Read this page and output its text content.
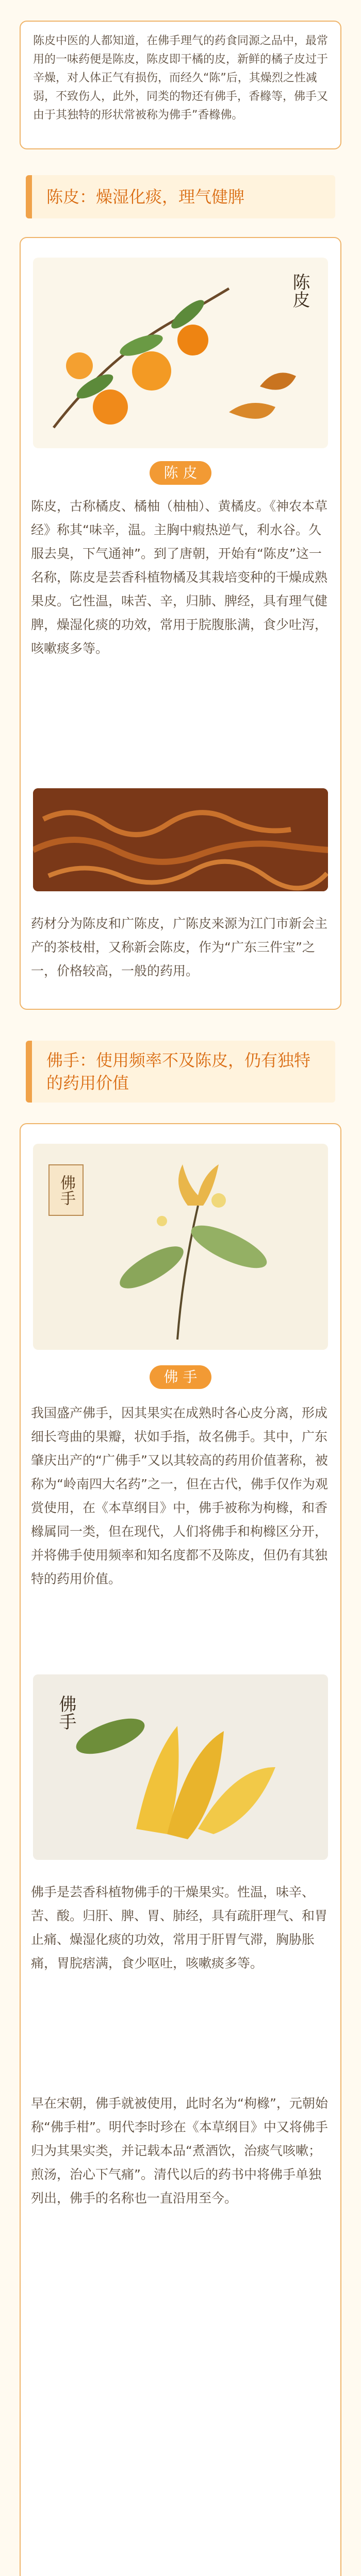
陈皮中医的人都知道，在佛手理气的药食同源之品中，最常用的一味药便是陈皮，陈皮即干橘的皮，新鲜的橘子皮过于辛燥，对人体正气有损伤，而经久“陈”后，其燥烈之性减弱，不致伤人，此外，同类的物还有佛手，香橼等，佛手又由于其独特的形状常被称为佛手”香橼佛。
陈皮：燥湿化痰，理气健脾
陈皮
陈 皮
陈皮，古称橘皮、橘柚（柚柚）、黄橘皮。《神农本草经》称其“味辛，温。主胸中瘕热逆气，利水谷。久服去臭，下气通神”。到了唐朝，开始有“陈皮”这一名称，陈皮是芸香科植物橘及其栽培变种的干燥成熟果皮。它性温，味苦、辛，归肺、脾经，具有理气健脾，燥湿化痰的功效，常用于脘腹胀满，食少吐泻，咳嗽痰多等。
药材分为陈皮和广陈皮，广陈皮来源为江门市新会主产的茶枝柑，又称新会陈皮，作为“广东三件宝”之一，价格较高，一般的药用。
佛手：使用频率不及陈皮，仍有独特的药用价值
佛手
佛 手
我国盛产佛手，因其果实在成熟时各心皮分离，形成细长弯曲的果瓣，状如手指，故名佛手。其中，广东肇庆出产的“广佛手”又以其较高的药用价值著称，被称为“岭南四大名药”之一，但在古代，佛手仅作为观赏使用，在《本草纲目》中，佛手被称为枸橼，和香橼属同一类，但在现代，人们将佛手和枸橼区分开，并将佛手使用频率和知名度都不及陈皮，但仍有其独特的药用价值。
佛手
佛手是芸香科植物佛手的干燥果实。性温，味辛、苦、酸。归肝、脾、胃、肺经，具有疏肝理气、和胃止痛、燥湿化痰的功效，常用于肝胃气滞，胸胁胀痛，胃脘痞满，食少呕吐，咳嗽痰多等。
早在宋朝，佛手就被使用，此时名为“枸橼”，元朝始称“佛手柑”。明代李时珍在《本草纲目》中又将佛手归为其果实类，并记载本品“煮酒饮，治痰气咳嗽；煎汤，治心下气痛”。清代以后的药书中将佛手单独列出，佛手的名称也一直沿用至今。
